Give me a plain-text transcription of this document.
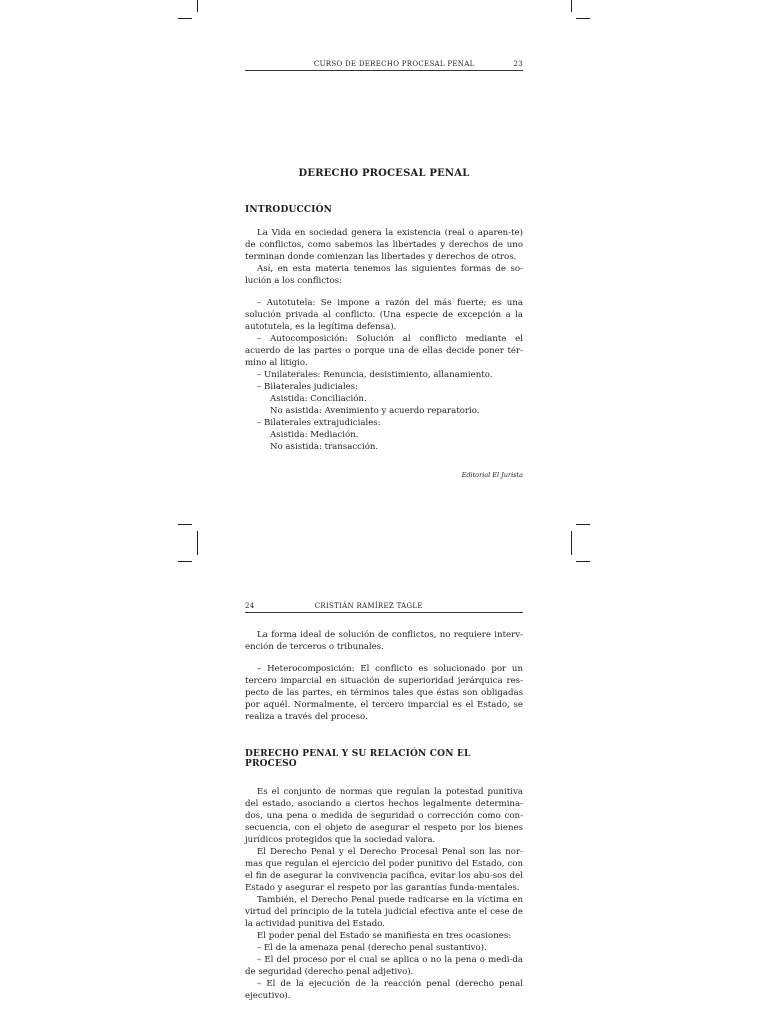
CURSO DE DERECHO PROCESAL PENAL	23
DERECHO PROCESAL PENAL
INTRODUCCIÓN

La Vida en sociedad genera la existencia (real o aparen-te) de conflictos, como sabemos las libertades y derechos de uno terminan donde comienzan las libertades y derechos de otros.

Así, en esta materia tenemos las siguientes formas de so-lución a los conflictos:

– Autotutela: Se impone a razón del más fuerte; es una solución privada al conflicto. (Una especie de excepción a la autotutela, es la legítima defensa).

– Autocomposición: Solución al conflicto mediante el acuerdo de las partes o porque una de ellas decide poner tér-mino al litigio.

– Unilaterales: Renuncia, desistimiento, allanamiento.

– Bilaterales judiciales:

Asistida: Conciliación.

No asistida: Avenimiento y acuerdo reparatorio.

– Bilaterales extrajudiciales:

Asistida: Mediación.

No asistida: transacción.

Editorial El Jurista
24	CRISTIÁN RAMÍREZ TAGLE

La forma ideal de solución de conflictos, no requiere interv-ención de terceros o tribunales.

– Heterocomposición: El conflicto es solucionado por un tercero imparcial en situación de superioridad jerárquica res-pecto de las partes, en términos tales que éstas son obligadas por aquél. Normalmente, el tercero imparcial es el Estado, se realiza a través del proceso.

DERECHO PENAL Y SU RELACIÓN CON EL PROCESO

Es el conjunto de normas que regulan la potestad punitiva del estado, asociando a ciertos hechos legalmente determina-dos, una pena o medida de seguridad o corrección como con-secuencia, con el objeto de asegurar el respeto por los bienes jurídicos protegidos que la sociedad valora.

El Derecho Penal y el Derecho Procesal Penal son las nor-mas que regulan el ejercicio del poder punitivo del Estado, con el fin de asegurar la convivencia pacífica, evitar los abu-sos del Estado y asegurar el respeto por las garantías funda-mentales.

También, el Derecho Penal puede radicarse en la víctima en virtud del principio de la tutela judicial efectiva ante el cese de la actividad punitiva del Estado.

El poder penal del Estado se manifiesta en tres ocasiones:

– El de la amenaza penal (derecho penal sustantivo).

– El del proceso por el cual se aplica o no la pena o medi-da de seguridad (derecho penal adjetivo).

– El de la ejecución de la reacción penal (derecho penal ejecutivo).
